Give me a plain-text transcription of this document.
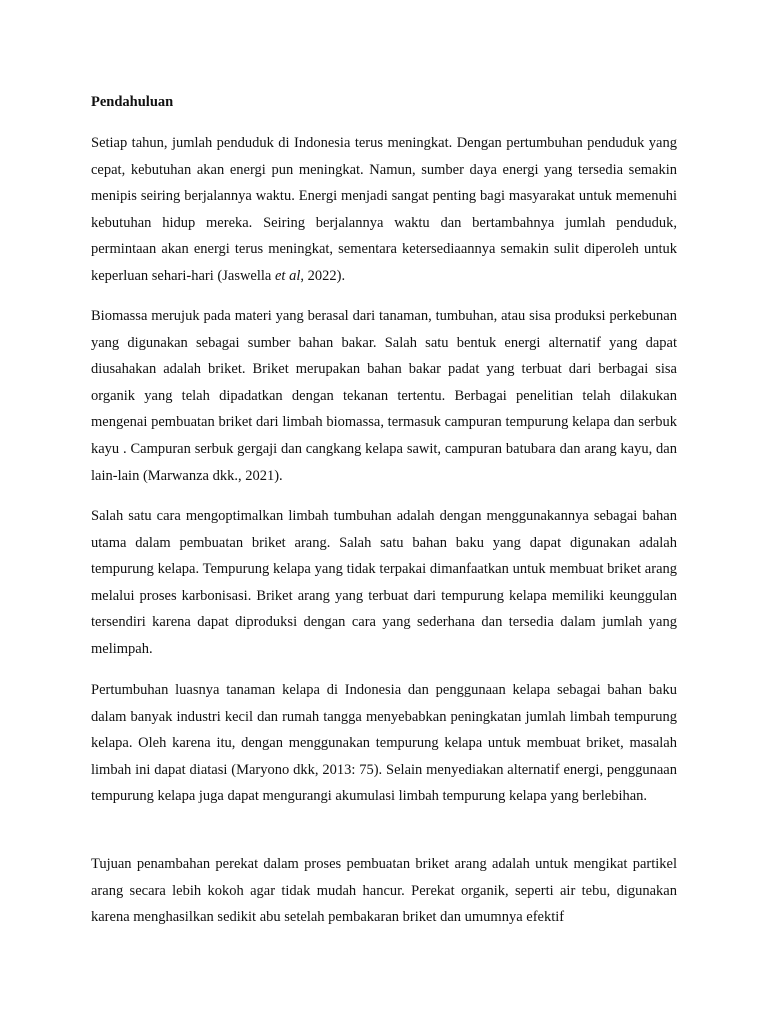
Pendahuluan

Setiap tahun, jumlah penduduk di Indonesia terus meningkat. Dengan pertumbuhan penduduk yang cepat, kebutuhan akan energi pun meningkat. Namun, sumber daya energi yang tersedia semakin menipis seiring berjalannya waktu. Energi menjadi sangat penting bagi masyarakat untuk memenuhi kebutuhan hidup mereka. Seiring berjalannya waktu dan bertambahnya jumlah penduduk, permintaan akan energi terus meningkat, sementara ketersediaannya semakin sulit diperoleh untuk keperluan sehari-hari (Jaswella et al, 2022).

Biomassa merujuk pada materi yang berasal dari tanaman, tumbuhan, atau sisa produksi perkebunan yang digunakan sebagai sumber bahan bakar. Salah satu bentuk energi alternatif yang dapat diusahakan adalah briket. Briket merupakan bahan bakar padat yang terbuat dari berbagai sisa organik yang telah dipadatkan dengan tekanan tertentu. Berbagai penelitian telah dilakukan mengenai pembuatan briket dari limbah biomassa, termasuk campuran tempurung kelapa dan serbuk kayu . Campuran serbuk gergaji dan cangkang kelapa sawit, campuran batubara dan arang kayu, dan lain-lain (Marwanza dkk., 2021).

Salah satu cara mengoptimalkan limbah tumbuhan adalah dengan menggunakannya sebagai bahan utama dalam pembuatan briket arang. Salah satu bahan baku yang dapat digunakan adalah tempurung kelapa. Tempurung kelapa yang tidak terpakai dimanfaatkan untuk membuat briket arang melalui proses karbonisasi. Briket arang yang terbuat dari tempurung kelapa memiliki keunggulan tersendiri karena dapat diproduksi dengan cara yang sederhana dan tersedia dalam jumlah yang melimpah.

Pertumbuhan luasnya tanaman kelapa di Indonesia dan penggunaan kelapa sebagai bahan baku dalam banyak industri kecil dan rumah tangga menyebabkan peningkatan jumlah limbah tempurung kelapa. Oleh karena itu, dengan menggunakan tempurung kelapa untuk membuat briket, masalah limbah ini dapat diatasi (Maryono dkk, 2013: 75). Selain menyediakan alternatif energi, penggunaan tempurung kelapa juga dapat mengurangi akumulasi limbah tempurung kelapa yang berlebihan.

Tujuan penambahan perekat dalam proses pembuatan briket arang adalah untuk mengikat partikel arang secara lebih kokoh agar tidak mudah hancur. Perekat organik, seperti air tebu, digunakan karena menghasilkan sedikit abu setelah pembakaran briket dan umumnya efektif
